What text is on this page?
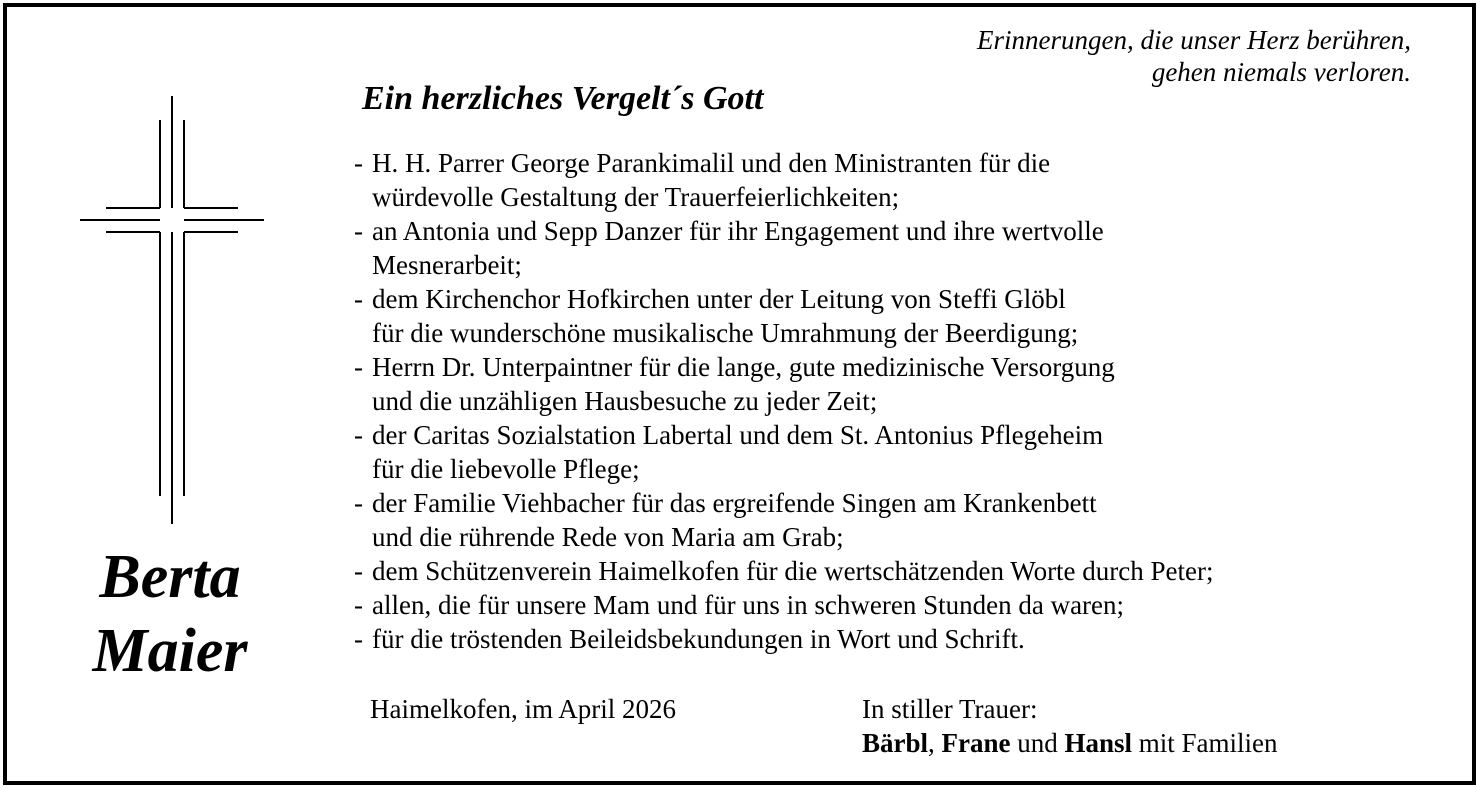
Erinnerungen, die unser Herz berühren,
gehen niemals verloren.
Ein herzliches Vergelt´s Gott
Berta
Maier
- H. H. Parrer George Parankimalil und den Ministranten für die
würdevolle Gestaltung der Trauerfeierlichkeiten;
- an Antonia und Sepp Danzer für ihr Engagement und ihre wertvolle
Mesnerarbeit;
- dem Kirchenchor Hofkirchen unter der Leitung von Steffi Glöbl
für die wunderschöne musikalische Umrahmung der Beerdigung;
- Herrn Dr. Unterpaintner für die lange, gute medizinische Versorgung
und die unzähligen Hausbesuche zu jeder Zeit;
- der Caritas Sozialstation Labertal und dem St. Antonius Pflegeheim
für die liebevolle Pflege;
- der Familie Viehbacher für das ergreifende Singen am Krankenbett
und die rührende Rede von Maria am Grab;
- dem Schützenverein Haimelkofen für die wertschätzenden Worte durch Peter;
- allen, die für unsere Mam und für uns in schweren Stunden da waren;
- für die tröstenden Beileidsbekundungen in Wort und Schrift.
Haimelkofen, im April 2026	In stiller Trauer:
Bärbl, Frane und Hansl mit Familien
